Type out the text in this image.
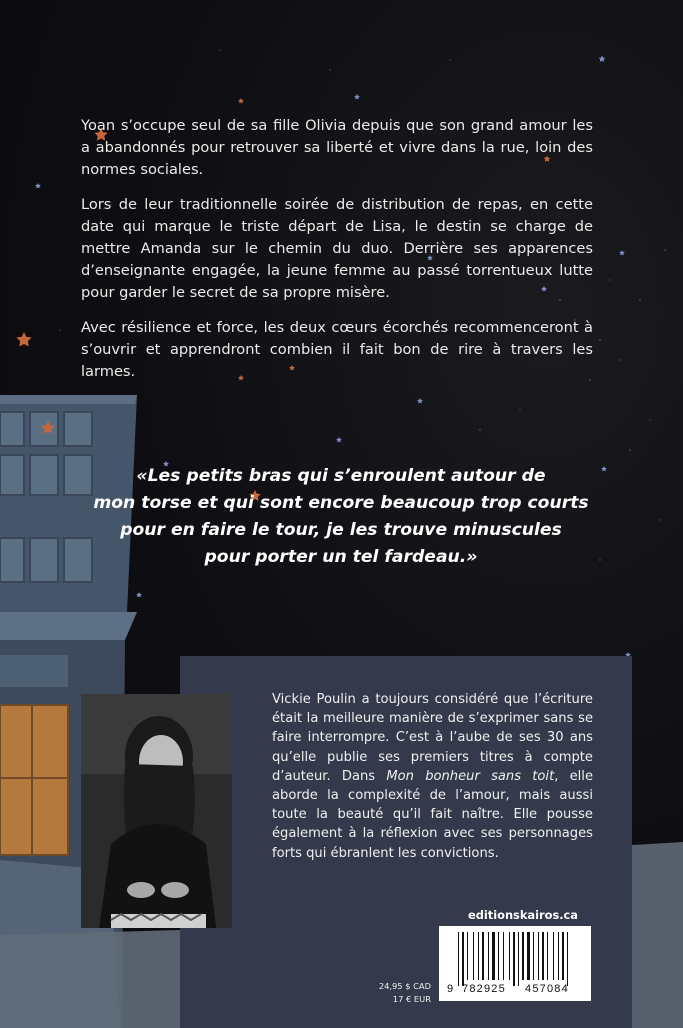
Yoan s’occupe seul de sa fille Olivia depuis que son grand amour les a abandonnés pour retrouver sa liberté et vivre dans la rue, loin des normes sociales.

Lors de leur traditionnelle soirée de distribution de repas, en cette date qui marque le triste départ de Lisa, le destin se charge de mettre Amanda sur le chemin du duo. Derrière ses apparences d’enseignante engagée, la jeune femme au passé torrentueux lutte pour garder le secret de sa propre misère.

Avec résilience et force, les deux cœurs écorchés recommenceront à s’ouvrir et apprendront combien il fait bon de rire à travers les larmes.

«Les petits bras qui s’enroulent autour de
mon torse et qui sont encore beaucoup trop courts
pour en faire le tour, je les trouve minuscules
pour porter un tel fardeau.»
Vickie Poulin a toujours considéré que l’écriture était la meilleure manière de s’exprimer sans se faire interrompre. C’est à l’aube de ses 30 ans qu’elle publie ses premiers titres à compte d’auteur. Dans Mon bonheur sans toit, elle aborde la complexité de l’amour, mais aussi toute la beauté qu’il fait naître. Elle pousse également à la réflexion avec ses personnages forts qui ébranlent les convictions.
editionskairos.ca
9 782925 457084
24,95 $ CAD
17 € EUR
